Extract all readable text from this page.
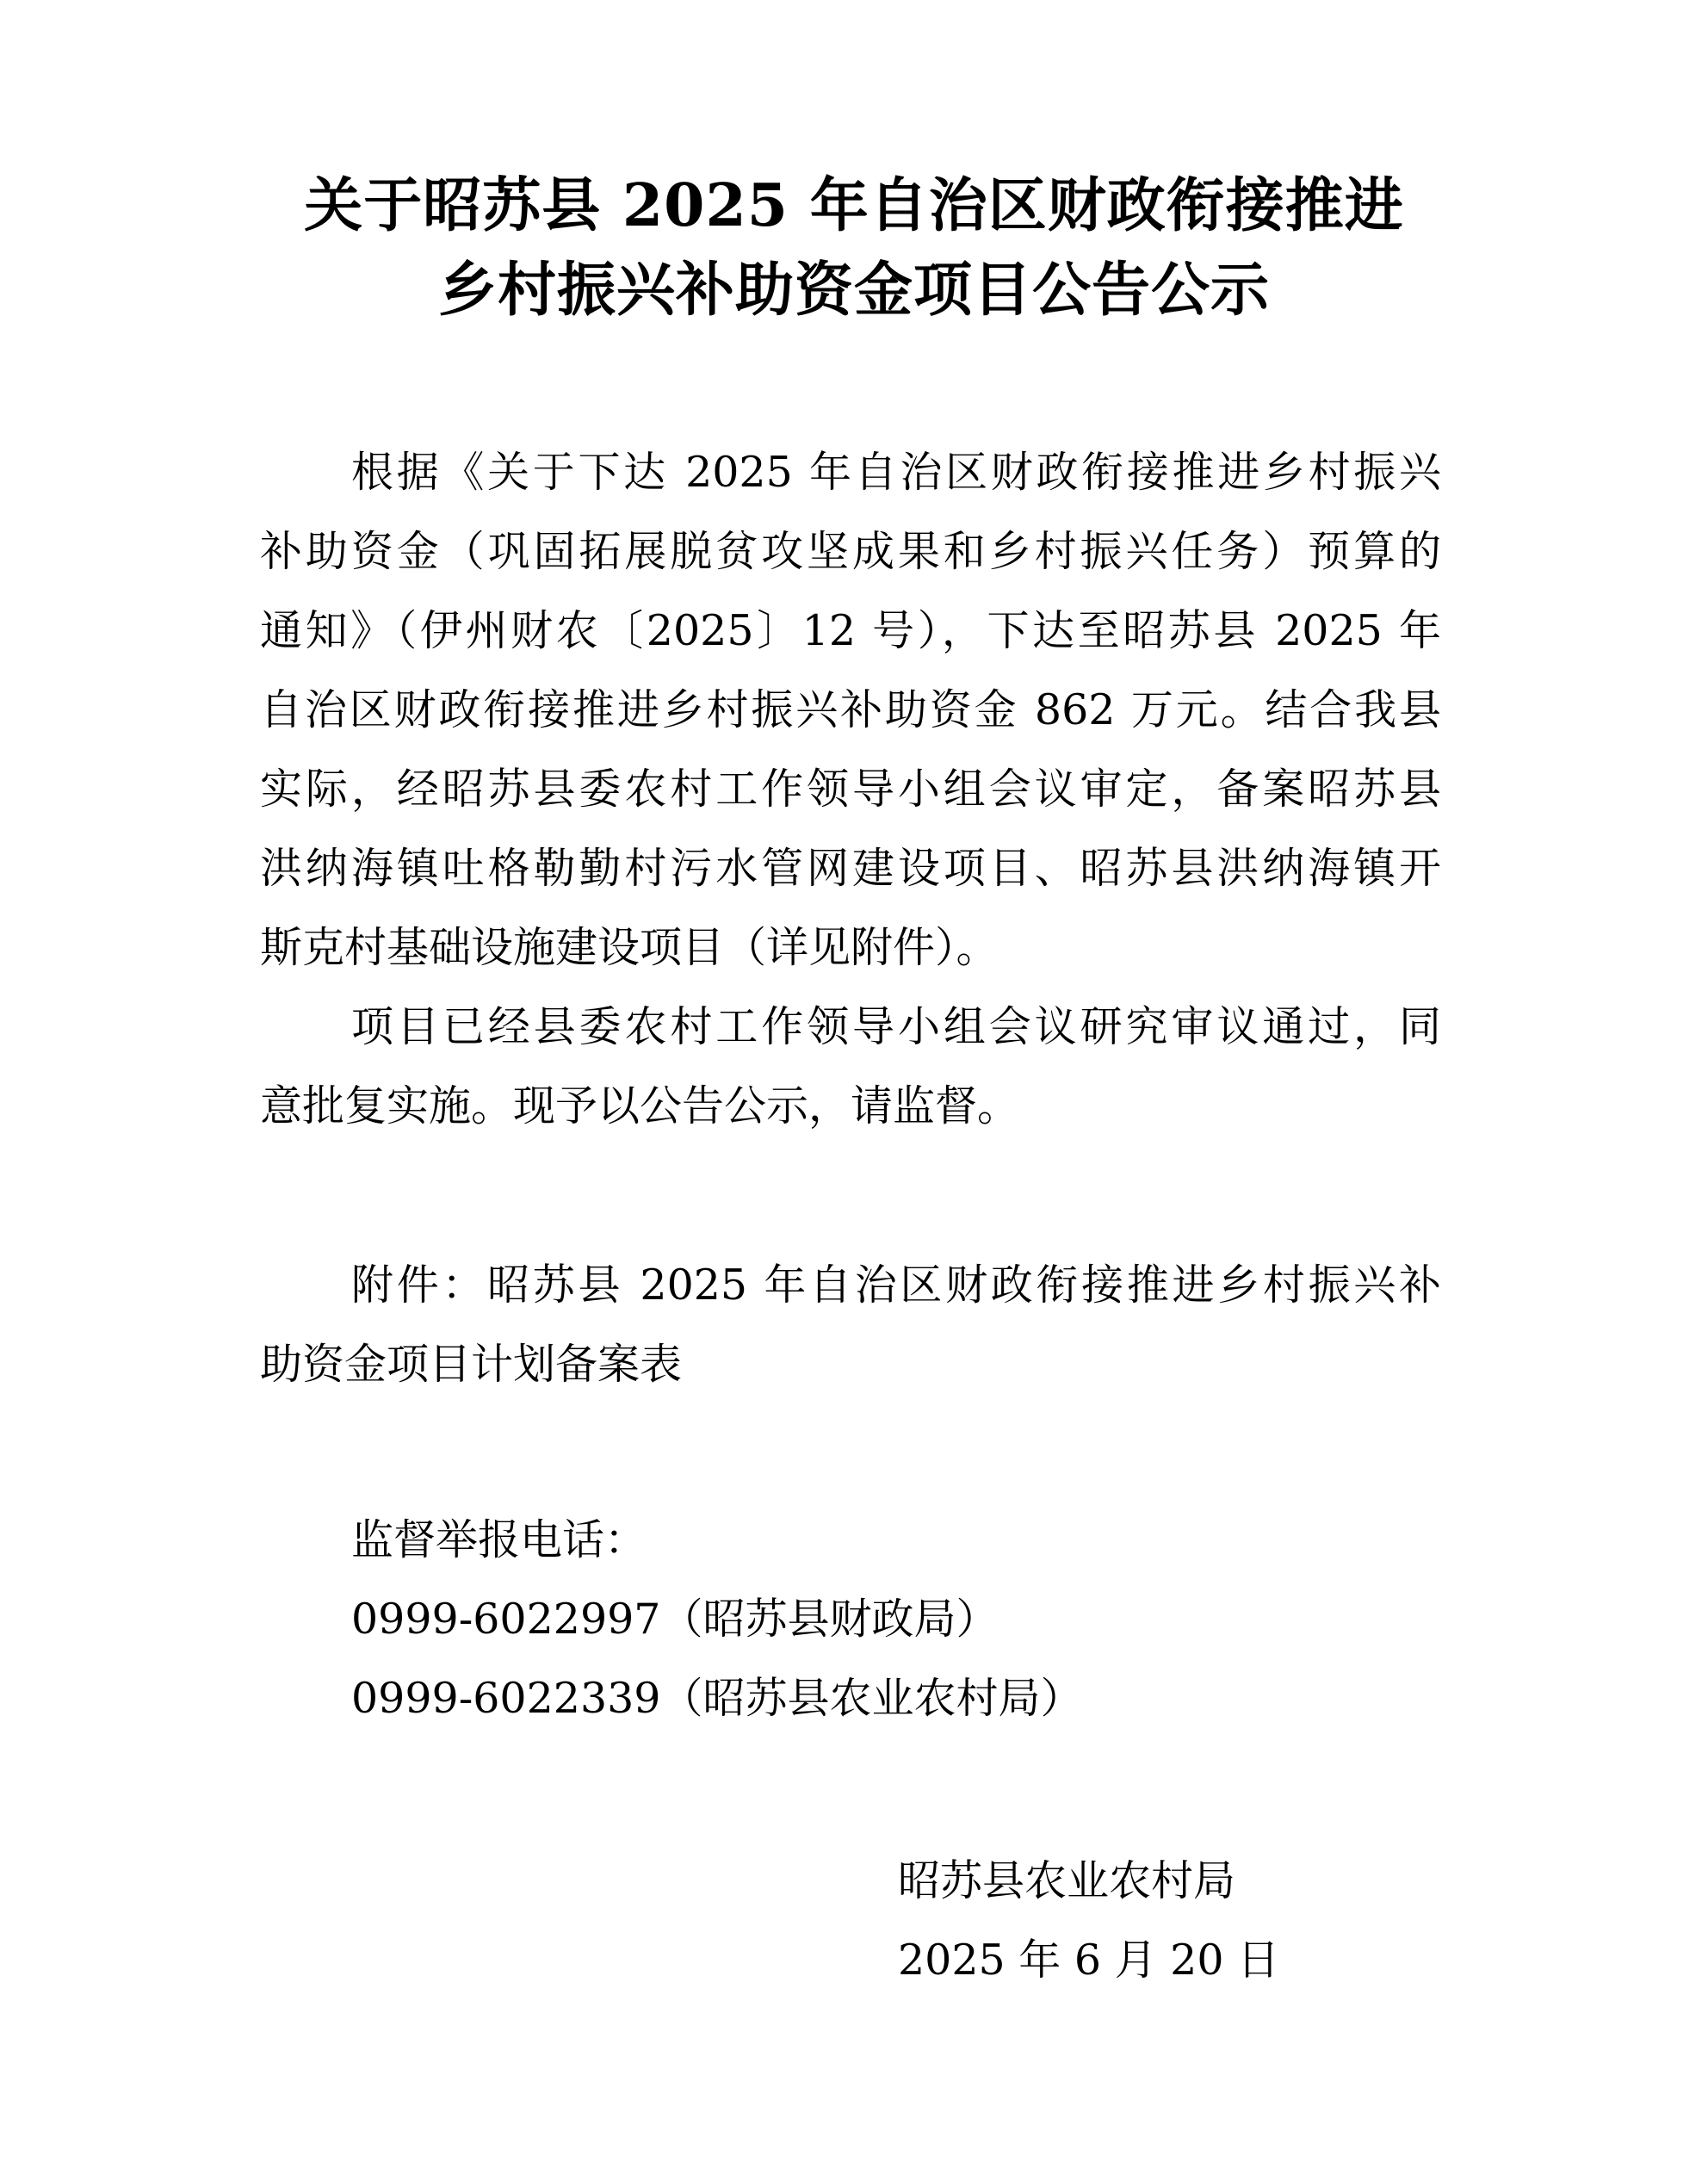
关于昭苏县 2025 年自治区财政衔接推进
乡村振兴补助资金项目公告公示
根据《关于下达 2025 年自治区财政衔接推进乡村振兴
补助资金（巩固拓展脱贫攻坚成果和乡村振兴任务）预算的
通知》（伊州财农〔2025〕12 号），下达至昭苏县 2025 年
自治区财政衔接推进乡村振兴补助资金 862 万元。结合我县
实际，经昭苏县委农村工作领导小组会议审定，备案昭苏县
洪纳海镇吐格勒勤村污水管网建设项目、昭苏县洪纳海镇开
斯克村基础设施建设项目（详见附件）。
项目已经县委农村工作领导小组会议研究审议通过，同
意批复实施。现予以公告公示，请监督。
附件：昭苏县 2025 年自治区财政衔接推进乡村振兴补
助资金项目计划备案表
监督举报电话：
0999-6022997（昭苏县财政局）
0999-6022339（昭苏县农业农村局）
昭苏县农业农村局
2025 年 6 月 20 日
